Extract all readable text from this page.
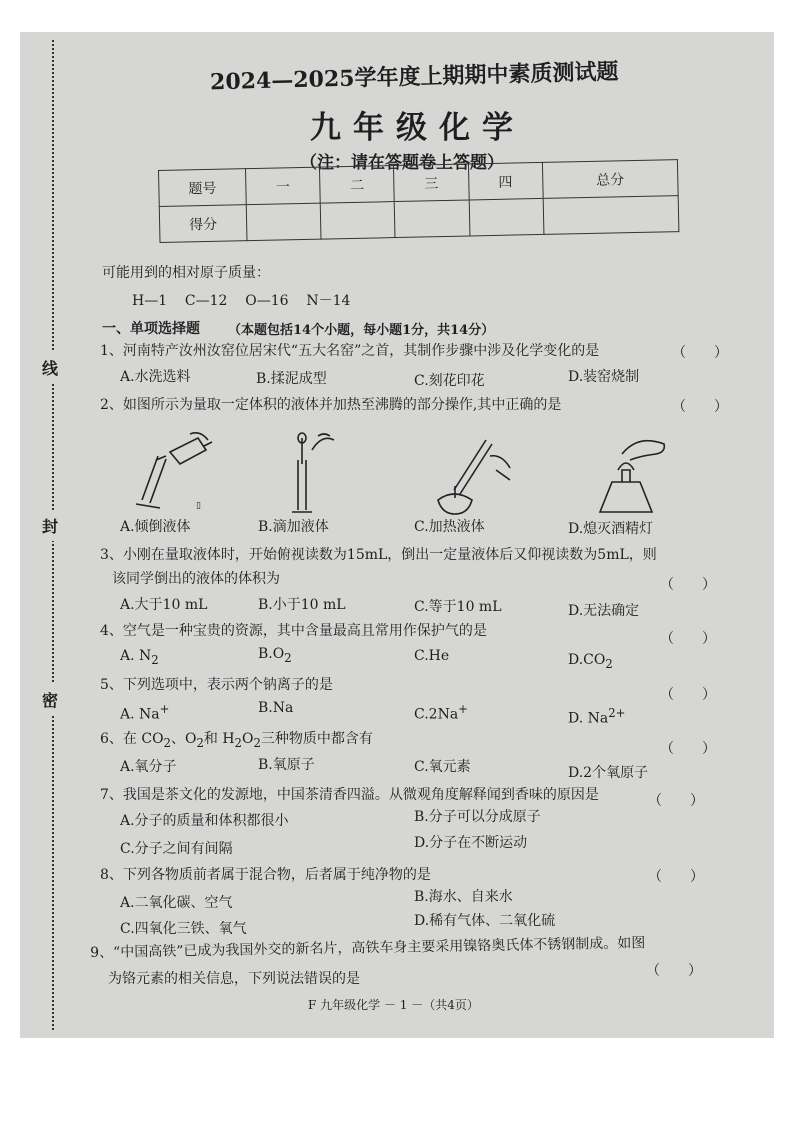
线
封
密
2024—2025学年度上期期中素质测试题
九年级化学
（注：请在答题卷上答题）
题号	一	二	三	四	总分
得分					
可能用到的相对原子质量：
H—1    C—12    O—16    N－14
一、单项选择题 （本题包括14个小题，每小题1分，共14分）
1、河南特产汝州汝窑位居宋代“五大名窑”之首，其制作步骤中涉及化学变化的是	（　　）
A.水洗选料	B.揉泥成型	C.刻花印花	D.装窑烧制
2、如图所示为量取一定体积的液体并加热至沸腾的部分操作,其中正确的是	（　　）
▯
A.倾倒液体	B.滴加液体	C.加热液体	D.熄灭酒精灯
3、小刚在量取液体时，开始俯视读数为15mL，倒出一定量液体后又仰视读数为5mL，则
该同学倒出的液体的体积为	（　　）
A.大于10 mL	B.小于10 mL	C.等于10 mL	D.无法确定
4、空气是一种宝贵的资源，其中含量最高且常用作保护气的是	（　　）
A. $N_2$	$B.O_2$	C.He	$D.CO_2$
5、下列选项中，表示两个钠离子的是
（　　）
A. Na+	B.Na	C.2Na+
D. $Na^{2+}$
6、在 $CO_2$、$O_2$和 $H_2O_2$三种物质中都含有
（　　）
A.氧分子	B.氧原子	C.氧元素	D.2个氧原子
7、我国是茶文化的发源地，中国茶清香四溢。从微观角度解释闻到香味的原因是	（　　）
A.分子的质量和体积都很小	B.分子可以分成原子
C.分子之间有间隔	D.分子在不断运动
8、下列各物质前者属于混合物，后者属于纯净物的是	（　　）
A.二氧化碳、空气	B.海水、自来水
C.四氧化三铁、氧气	D.稀有气体、二氧化硫
9、“中国高铁”已成为我国外交的新名片，高铁车身主要采用镍铬奥氏体不锈钢制成。如图
为铬元素的相关信息，下列说法错误的是	（　　）
F 九年级化学 － 1 －（共4页）
